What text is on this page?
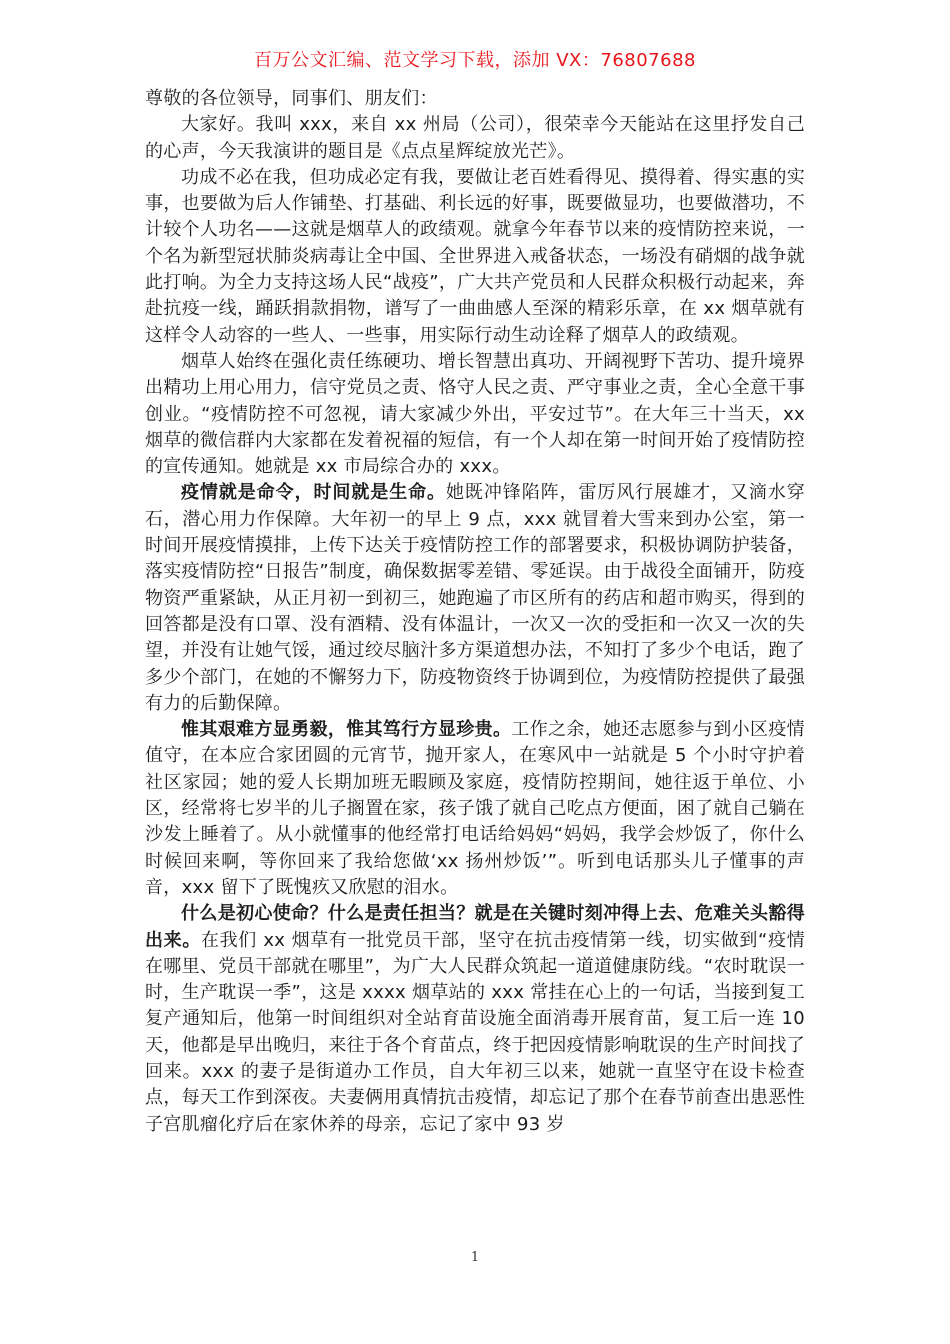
百万公文汇编、范文学习下载，添加 VX：76807688

尊敬的各位领导，同事们、朋友们：

大家好。我叫 xxx，来自 xx 州局（公司），很荣幸今天能站在这里抒发自己的心声，今天我演讲的题目是《点点星辉绽放光芒》。

功成不必在我，但功成必定有我，要做让老百姓看得见、摸得着、得实惠的实事，也要做为后人作铺垫、打基础、利长远的好事，既要做显功，也要做潜功，不计较个人功名——这就是烟草人的政绩观。就拿今年春节以来的疫情防控来说，一个名为新型冠状肺炎病毒让全中国、全世界进入戒备状态，一场没有硝烟的战争就此打响。为全力支持这场人民“战疫”，广大共产党员和人民群众积极行动起来，奔赴抗疫一线，踊跃捐款捐物，谱写了一曲曲感人至深的精彩乐章，在 xx 烟草就有这样令人动容的一些人、一些事，用实际行动生动诠释了烟草人的政绩观。

烟草人始终在强化责任练硬功、增长智慧出真功、开阔视野下苦功、提升境界出精功上用心用力，信守党员之责、恪守人民之责、严守事业之责，全心全意干事创业。“疫情防控不可忽视，请大家减少外出，平安过节”。在大年三十当天，xx 烟草的微信群内大家都在发着祝福的短信，有一个人却在第一时间开始了疫情防控的宣传通知。她就是 xx 市局综合办的 xxx。

疫情就是命令，时间就是生命。她既冲锋陷阵，雷厉风行展雄才，又滴水穿石，潜心用力作保障。大年初一的早上 9 点，xxx 就冒着大雪来到办公室，第一时间开展疫情摸排，上传下达关于疫情防控工作的部署要求，积极协调防护装备，落实疫情防控“日报告”制度，确保数据零差错、零延误。由于战役全面铺开，防疫物资严重紧缺，从正月初一到初三，她跑遍了市区所有的药店和超市购买，得到的回答都是没有口罩、没有酒精、没有体温计，一次又一次的受拒和一次又一次的失望，并没有让她气馁，通过绞尽脑汁多方渠道想办法，不知打了多少个电话，跑了多少个部门，在她的不懈努力下，防疫物资终于协调到位，为疫情防控提供了最强有力的后勤保障。

惟其艰难方显勇毅，惟其笃行方显珍贵。工作之余，她还志愿参与到小区疫情值守，在本应合家团圆的元宵节，抛开家人，在寒风中一站就是 5 个小时守护着社区家园；她的爱人长期加班无暇顾及家庭，疫情防控期间，她往返于单位、小区，经常将七岁半的儿子搁置在家，孩子饿了就自己吃点方便面，困了就自己躺在沙发上睡着了。从小就懂事的他经常打电话给妈妈“妈妈，我学会炒饭了，你什么时候回来啊，等你回来了我给您做‘xx 扬州炒饭’”。听到电话那头儿子懂事的声音，xxx 留下了既愧疚又欣慰的泪水。

什么是初心使命？什么是责任担当？就是在关键时刻冲得上去、危难关头豁得出来。在我们 xx 烟草有一批党员干部，坚守在抗击疫情第一线，切实做到“疫情在哪里、党员干部就在哪里”，为广大人民群众筑起一道道健康防线。“农时耽误一时，生产耽误一季”，这是 xxxx 烟草站的 xxx 常挂在心上的一句话，当接到复工复产通知后，他第一时间组织对全站育苗设施全面消毒开展育苗，复工后一连 10 天，他都是早出晚归，来往于各个育苗点，终于把因疫情影响耽误的生产时间找了回来。xxx 的妻子是街道办工作员，自大年初三以来，她就一直坚守在设卡检查点，每天工作到深夜。夫妻俩用真情抗击疫情，却忘记了那个在春节前查出患恶性子宫肌瘤化疗后在家休养的母亲，忘记了家中 93 岁

1
